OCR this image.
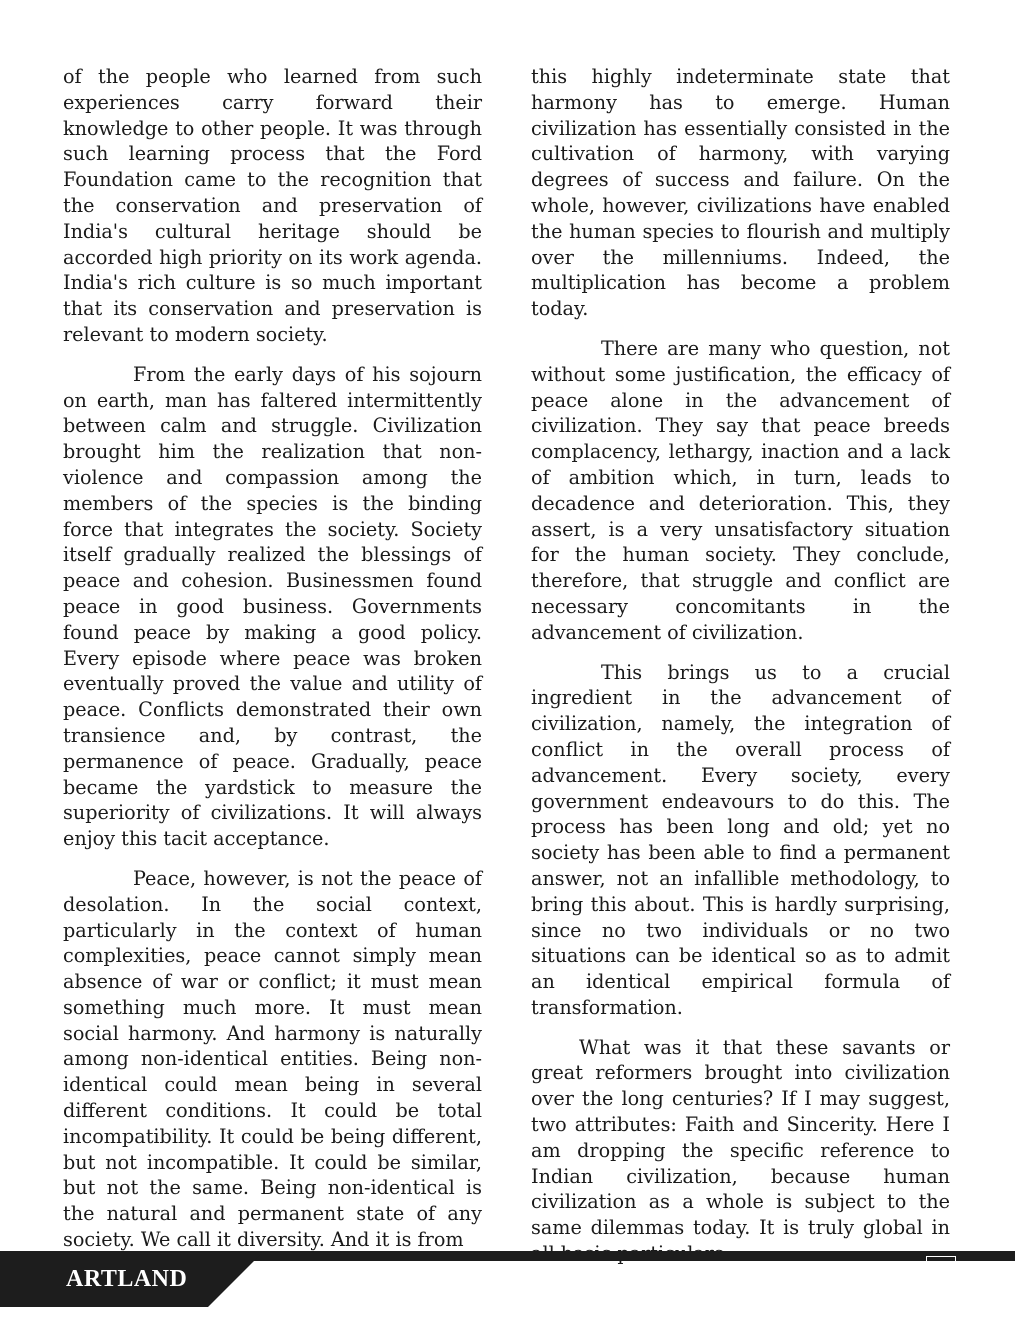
of the people who learned from such experiences carry forward their knowledge to other people. It was through such learning process that the Ford Foundation came to the recognition that the conservation and preservation of India's cultural heritage should be accorded high priority on its work agenda. India's rich culture is so much important that its conservation and preservation is relevant to modern society.

From the early days of his sojourn on earth, man has faltered intermittently between calm and struggle. Civilization brought him the realization that non-violence and compassion among the members of the species is the binding force that integrates the society. Society itself gradually realized the blessings of peace and cohesion. Businessmen found peace in good business. Governments found peace by making a good policy. Every episode where peace was broken eventually proved the value and utility of peace. Conflicts demonstrated their own transience and, by contrast, the permanence of peace. Gradually, peace became the yardstick to measure the superiority of civilizations. It will always enjoy this tacit acceptance.

Peace, however, is not the peace of desolation. In the social context, particularly in the context of human complexities, peace cannot simply mean absence of war or conflict; it must mean something much more. It must mean social harmony. And harmony is naturally among non-identical entities. Being non-identical could mean being in several different conditions. It could be total incompatibility. It could be being different, but not incompatible. It could be similar, but not the same. Being non-identical is the natural and permanent state of any society. We call it diversity. And it is from

this highly indeterminate state that harmony has to emerge. Human civilization has essentially consisted in the cultivation of harmony, with varying degrees of success and failure. On the whole, however, civilizations have enabled the human species to flourish and multiply over the millenniums. Indeed, the multiplication has become a problem today.

There are many who question, not without some justification, the efficacy of peace alone in the advancement of civilization. They say that peace breeds complacency, lethargy, inaction and a lack of ambition which, in turn, leads to decadence and deterioration. This, they assert, is a very unsatisfactory situation for the human society. They conclude, therefore, that struggle and conflict are necessary concomitants in the advancement of civilization.

This brings us to a crucial ingredient in the advancement of civilization, namely, the integration of conflict in the overall process of advancement. Every society, every government endeavours to do this. The process has been long and old; yet no society has been able to find a permanent answer, not an infallible methodology, to bring this about. This is hardly surprising, since no two individuals or no two situations can be identical so as to admit an identical empirical formula of transformation.

What was it that these savants or great reformers brought into civilization over the long centuries? If I may suggest, two attributes: Faith and Sincerity. Here I am dropping the specific reference to Indian civilization, because human civilization as a whole is subject to the same dilemmas today. It is truly global in

ARTLAND	17
